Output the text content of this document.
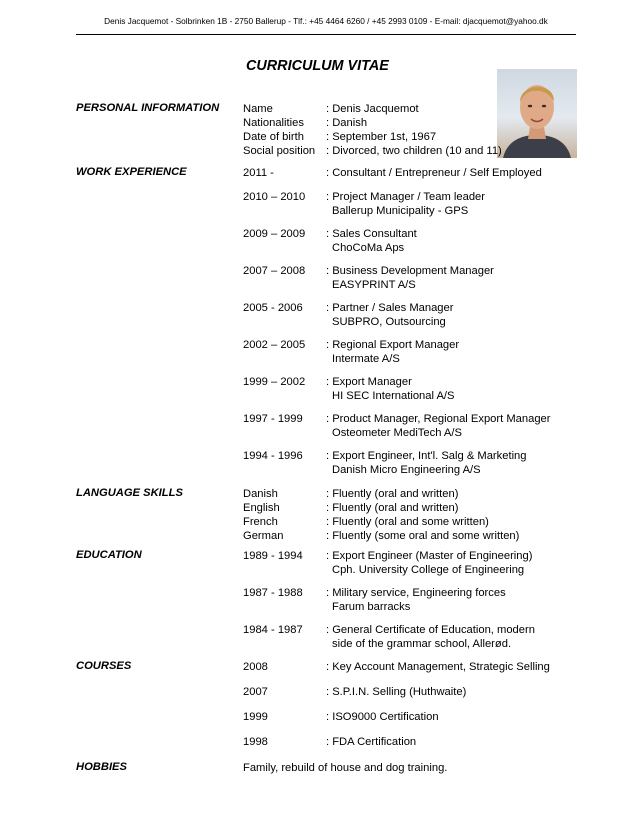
Denis Jacquemot - Solbrinken 1B - 2750 Ballerup - Tlf.: +45 4464 6260 / +45 2993 0109 - E-mail: djacquemot@yahoo.dk
CURRICULUM VITAE
PERSONAL INFORMATION Name	: Denis Jacquemot
Nationalities : Danish
Date of birth : September 1st, 1967
Social position : Divorced, two children (10 and 11)
WORK EXPERIENCE	2011 -	: Consultant / Entrepreneur / Self Employed
2010 – 2010 : Project Manager / Team leader
Ballerup Municipality - GPS
2009 – 2009 : Sales Consultant
ChoCoMa Aps
2007 – 2008 : Business Development Manager
EASYPRINT A/S
2005 - 2006 : Partner / Sales Manager
SUBPRO, Outsourcing
2002 – 2005 : Regional Export Manager
Intermate A/S
1999 – 2002 : Export Manager
HI SEC International A/S
1997 - 1999 : Product Manager, Regional Export Manager
Osteometer MediTech A/S
1994 - 1996 : Export Engineer, Int'l. Salg & Marketing
Danish Micro Engineering A/S
LANGUAGE SKILLS	Danish	: Fluently (oral and written)
English	: Fluently (oral and written)
French	: Fluently (oral and some written)
German	: Fluently (some oral and some written)
EDUCATION	1989 - 1994 : Export Engineer (Master of Engineering)
Cph. University College of Engineering
1987 - 1988 : Military service, Engineering forces
Farum barracks
1984 - 1987 : General Certificate of Education, modern
side of the grammar school, Allerød.
COURSES	2008	: Key Account Management, Strategic Selling
2007	: S.P.I.N. Selling (Huthwaite)
1999	: ISO9000 Certification
1998	: FDA Certification
HOBBIES	Family, rebuild of house and dog training.
